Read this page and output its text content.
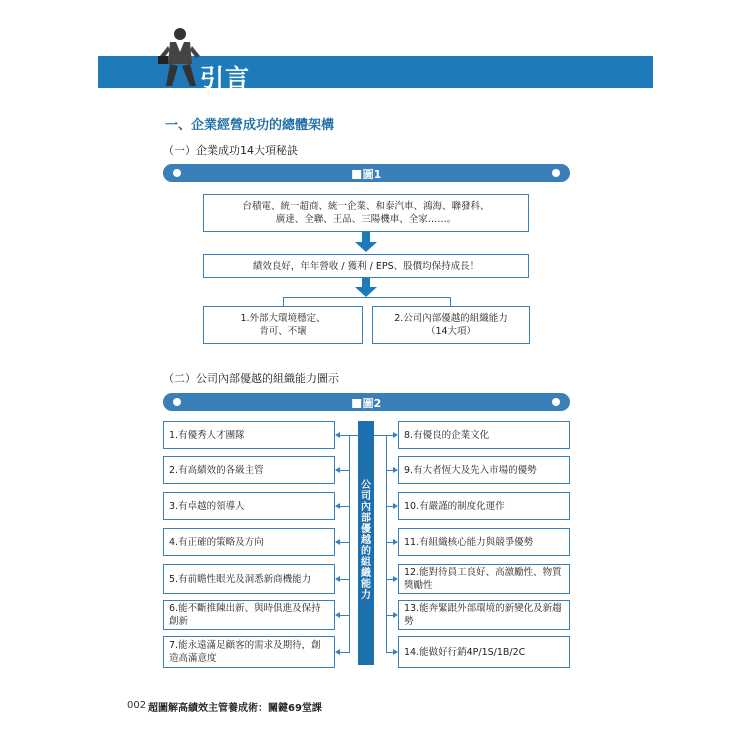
引言
一、企業經營成功的總體架構
（一）企業成功14大項秘訣
圖1
台積電、統一超商、統一企業、和泰汽車、鴻海、聯發科、
廣達、全聯、王品、三陽機車、全家……。
績效良好，年年營收 / 獲利 / EPS、股價均保持成長！
1.外部大環境穩定、
肯可、不壞
2.公司內部優越的組織能力
（14大項）
（二）公司內部優越的組織能力圖示
圖2
公司內部優越的組織能力
1.有優秀人才團隊
2.有高績效的各級主管
3.有卓越的領導人
4.有正確的策略及方向
5.有前瞻性眼光及洞悉新商機能力
6.能不斷推陳出新、與時俱進及保持創新
7.能永遠滿足顧客的需求及期待，創造高滿意度
8.有優良的企業文化
9.有大者恆大及先入市場的優勢
10.有嚴謹的制度化運作
11.有組織核心能力與競爭優勢
12.能對待員工良好、高激勵性、物質獎勵性
13.能奔緊跟外部環境的新變化及新趨勢
14.能做好行銷4P/1S/1B/2C
002 超圖解高績效主管養成術：關鍵69堂課
